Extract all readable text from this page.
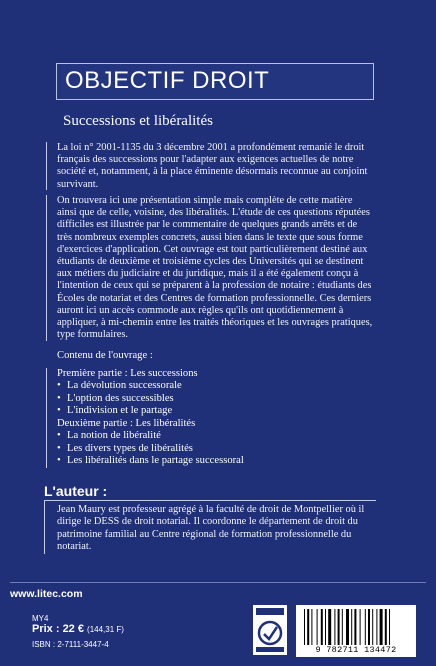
OBJECTIF DROIT
Successions et libéralités

La loi n° 2001-1135 du 3 décembre 2001 a profondément remanié le droit français des successions pour l'adapter aux exigences actuelles de notre société et, notamment, à la place éminente désormais reconnue au conjoint survivant.

On trouvera ici une présentation simple mais complète de cette matière ainsi que de celle, voisine, des libéralités. L'étude de ces questions réputées difficiles est illustrée par le commentaire de quelques grands arrêts et de très nombreux exemples concrets, aussi bien dans le texte que sous forme d'exercices d'application. Cet ouvrage est tout particulièrement destiné aux étudiants de deuxième et troisième cycles des Universités qui se destinent aux métiers du judiciaire et du juridique, mais il a été également conçu à l'intention de ceux qui se préparent à la profession de notaire : étudiants des Écoles de notariat et des Centres de formation professionnelle. Ces derniers auront ici un accès commode aux règles qu'ils ont quotidiennement à appliquer, à mi-chemin entre les traités théoriques et les ouvrages pratiques, type formulaires.

Contenu de l'ouvrage :
Première partie : Les successions
• La dévolution successorale
• L'option des successibles
• L'indivision et le partage
Deuxième partie : Les libéralités
• La notion de libéralité
• Les divers types de libéralités
• Les libéralités dans le partage successoral
L'auteur :

Jean Maury est professeur agrégé à la faculté de droit de Montpellier où il dirige le DESS de droit notarial. Il coordonne le département de droit du patrimoine familial au Centre régional de formation professionnelle du notariat.

www.litec.com
MY4
Prix : 22 € (144,31 F)
ISBN : 2-7111-3447-4
9 782711 134472
